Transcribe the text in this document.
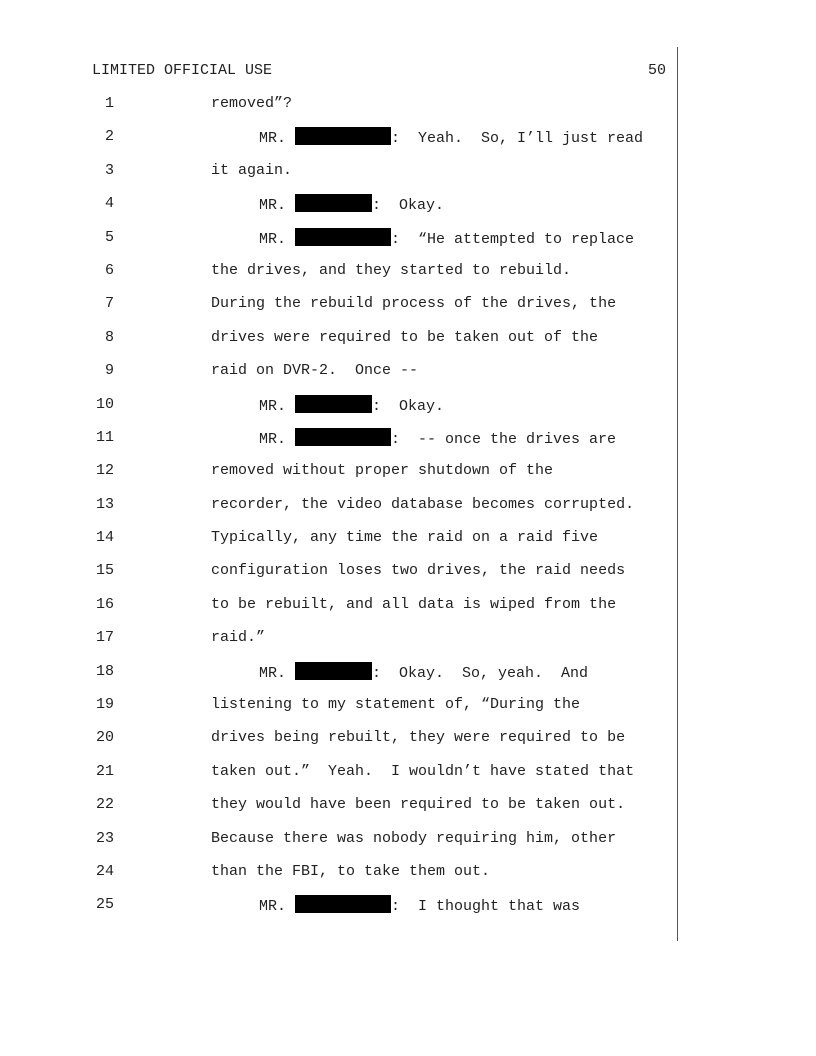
LIMITED OFFICIAL USE	50
1	removed”?
2	MR.	:  Yeah.  So, I’ll just read
3	it again.
4	MR.	:  Okay.
5	MR.	:  “He attempted to replace
6	the drives, and they started to rebuild.
7	During the rebuild process of the drives, the
8	drives were required to be taken out of the
9	raid on DVR-2.  Once --
10	MR.	:  Okay.
11	MR.	:  -- once the drives are
12	removed without proper shutdown of the
13	recorder, the video database becomes corrupted.
14	Typically, any time the raid on a raid five
15	configuration loses two drives, the raid needs
16	to be rebuilt, and all data is wiped from the
17	raid.”
18	MR.	:  Okay.  So, yeah.  And
19	listening to my statement of, “During the
20	drives being rebuilt, they were required to be
21	taken out.”  Yeah.  I wouldn’t have stated that
22	they would have been required to be taken out.
23	Because there was nobody requiring him, other
24	than the FBI, to take them out.
25	MR.	:  I thought that was
